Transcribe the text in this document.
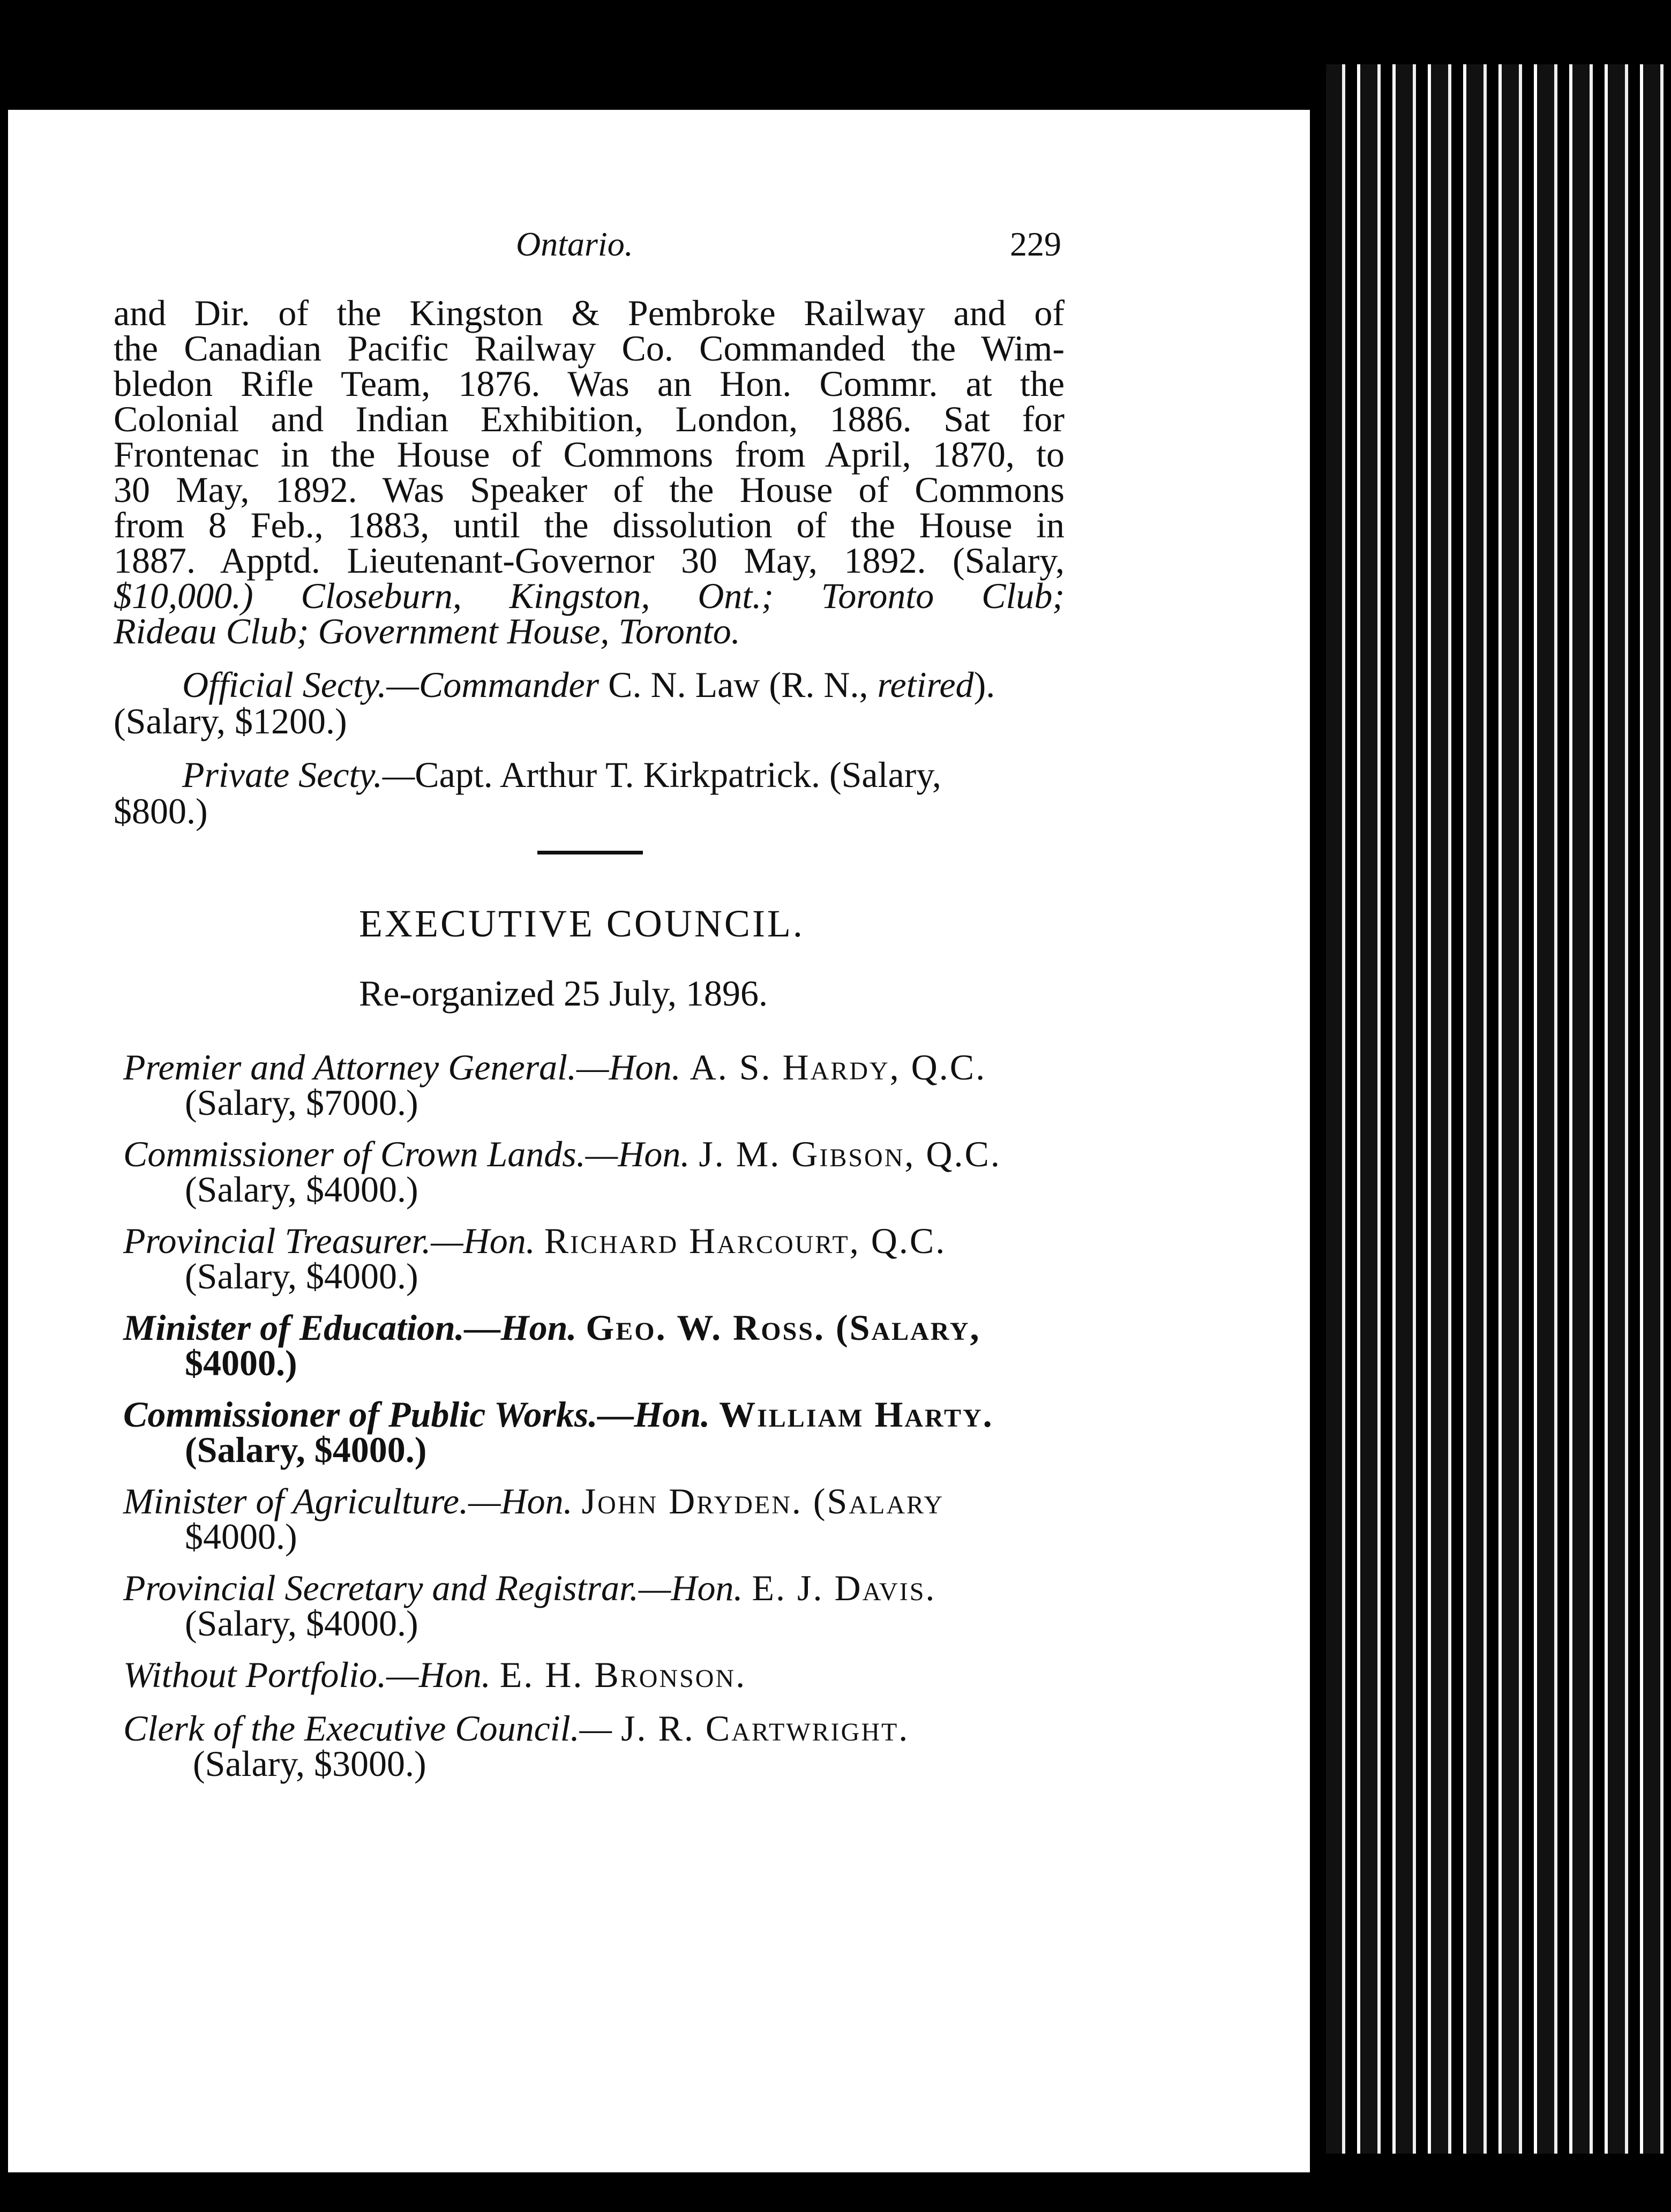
Ontario.	229
and Dir. of the Kingston & Pembroke Railway and of
the Canadian Pacific Railway Co. Commanded the Wim-
bledon Rifle Team, 1876. Was an Hon. Commr. at the
Colonial and Indian Exhibition, London, 1886. Sat for
Frontenac in the House of Commons from April, 1870, to
30 May, 1892. Was Speaker of the House of Commons
from 8 Feb., 1883, until the dissolution of the House in
1887. Apptd. Lieutenant-Governor 30 May, 1892. (Salary,
$10,000.) Closeburn, Kingston, Ont.; Toronto Club;
Rideau Club; Government House, Toronto.
Official Secty.—Commander C. N. Law (R. N., retired).
(Salary, $1200.)
Private Secty.—Capt. Arthur T. Kirkpatrick. (Salary,
$800.)
EXECUTIVE COUNCIL.
Re-organized 25 July, 1896.
Premier and Attorney General.—Hon. A. S. Hardy, Q.C.
(Salary, $7000.)
Commissioner of Crown Lands.—Hon. J. M. Gibson, Q.C.
(Salary, $4000.)
Provincial Treasurer.—Hon. Richard Harcourt, Q.C.
(Salary, $4000.)
Minister of Education.—Hon. Geo. W. Ross. (Salary,
$4000.)
Commissioner of Public Works.—Hon. William Harty.
(Salary, $4000.)
Minister of Agriculture.—Hon. John Dryden. (Salary
$4000.)
Provincial Secretary and Registrar.—Hon. E. J. Davis.
(Salary, $4000.)
Without Portfolio.—Hon. E. H. Bronson.
Clerk of the Executive Council.— J. R. Cartwright.
(Salary, $3000.)
